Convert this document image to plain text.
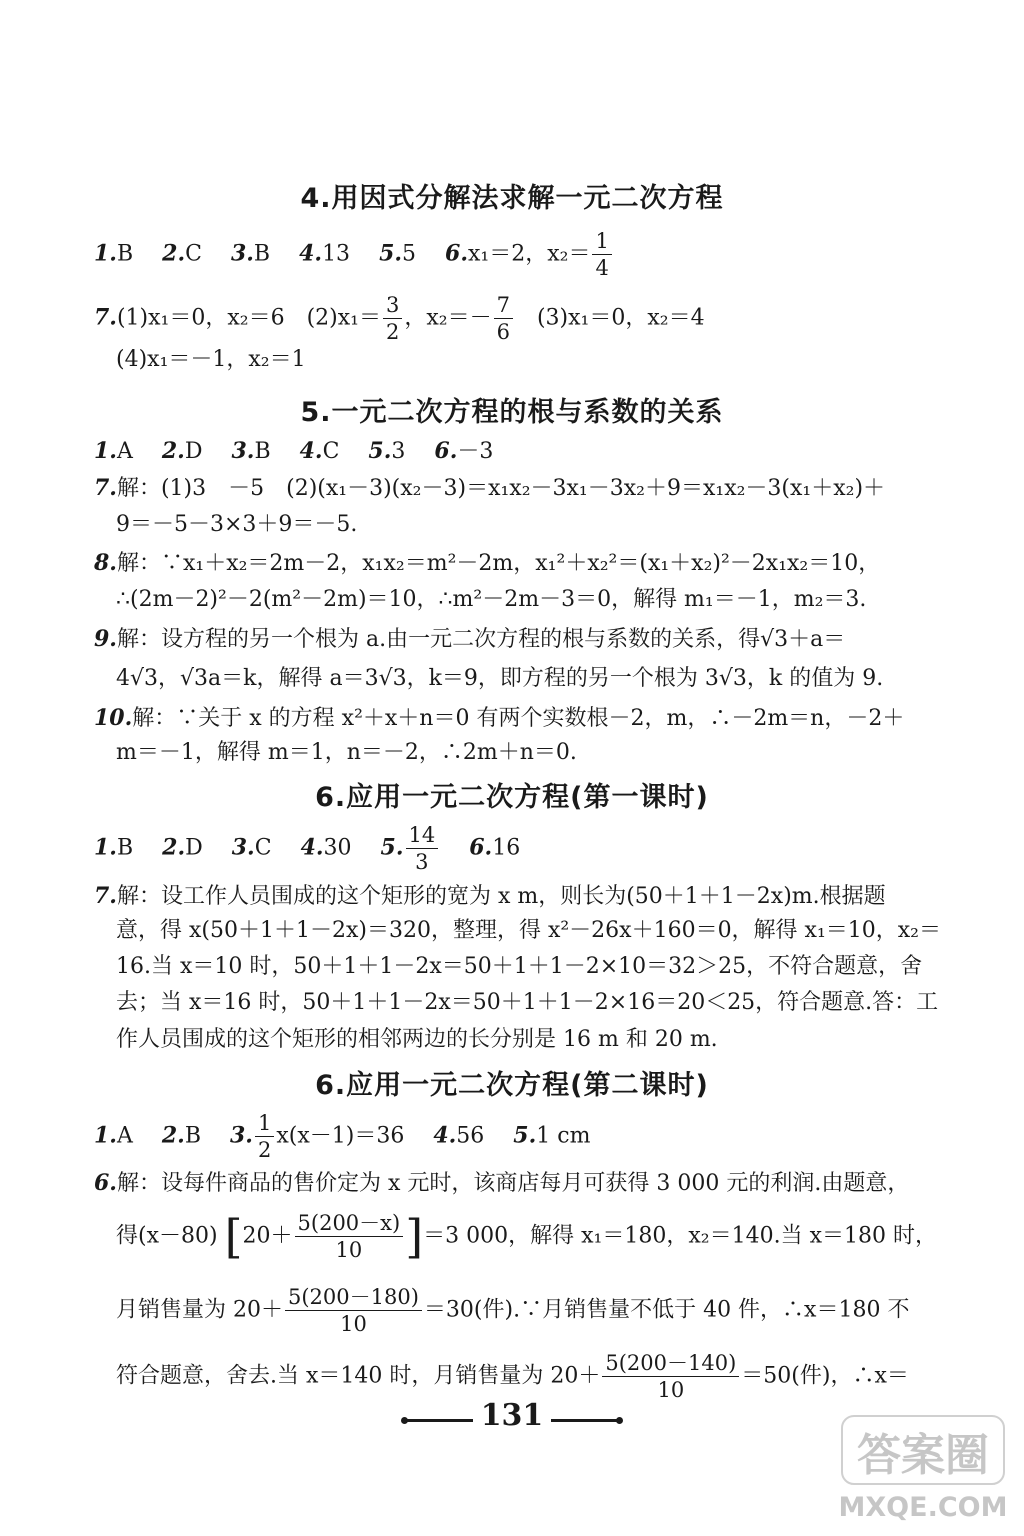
4.用因式分解法求解一元二次方程
1.B　 2.C　 3.B　 4.13　 5.5　 6.x₁＝2，$x_2= \frac{1}{4}$
7.(1)x₁＝0，x₂＝6　$(2)x_1= \frac{3}{2}$ ，$x_2=- \frac{7}{6}$ 　(3)x₁＝0，x₂＝4
(4)x₁＝－1，x₂＝1
5.一元二次方程的根与系数的关系
1.A　 2.D　 3.B　 4.C　 5.3　 6.－3
7.解：(1)3　－5　(2)(x₁－3)(x₂－3)＝x₁x₂－3x₁－3x₂＋9＝x₁x₂－3(x₁＋x₂)＋
9＝－5－3×3＋9＝－5.
8.解：∵x₁＋x₂＝2m－2，x₁x₂＝m²－2m，x₁²＋x₂²＝(x₁＋x₂)²－2x₁x₂＝10，
∴(2m－2)²－2(m²－2m)＝10，∴m²－2m－3＝0，解得 m₁＝－1，m₂＝3.
9.解：设方程的另一个根为 a.由一元二次方程的根与系数的关系，得√3＋a＝
4√3，√3a＝k，解得 a＝3√3，k＝9，即方程的另一个根为 3√3，k 的值为 9.
10.解：∵关于 x 的方程 x²＋x＋n＝0 有两个实数根－2，m，∴－2m＝n，－2＋
m＝－1，解得 m＝1，n＝－2，∴2m＋n＝0.
6.应用一元二次方程(第一课时)
1.B　 2.D　 3.C　 4.30　 5. $\frac{14}{3}$
　 6.16
7.解：设工作人员围成的这个矩形的宽为 x m，则长为(50＋1＋1－2x)m.根据题
意，得 x(50＋1＋1－2x)＝320，整理，得 x²－26x＋160＝0，解得 x₁＝10，x₂＝
16.当 x＝10 时，50＋1＋1－2x＝50＋1＋1－2×10＝32＞25，不符合题意，舍
去；当 x＝16 时，50＋1＋1－2x＝50＋1＋1－2×16＝20＜25，符合题意.答：工
作人员围成的这个矩形的相邻两边的长分别是 16 m 和 20 m.
6.应用一元二次方程(第二课时)
1.A　 2.B　 3. $\frac{1}{2} x(x-1)=36$　 4.56　 5.1 cm
6.解：设每件商品的售价定为 x 元时，该商店每月可获得 3 000 元的利润.由题意，
得(x－80) $[20+ \frac{5(200-x)}{10} ]=3$ 000，解得 x₁＝180，x₂＝140.当 x＝180 时，
月销售量为 $20+ \frac{5(200-180)}{10} =30$(件).∵月销售量不低于 40 件，∴x＝180 不
符合题意，舍去.当 x＝140 时，月销售量为 $20+ \frac{5(200-140)}{10} =50$(件)，∴x＝
131
答案圈
MXQE.COM
